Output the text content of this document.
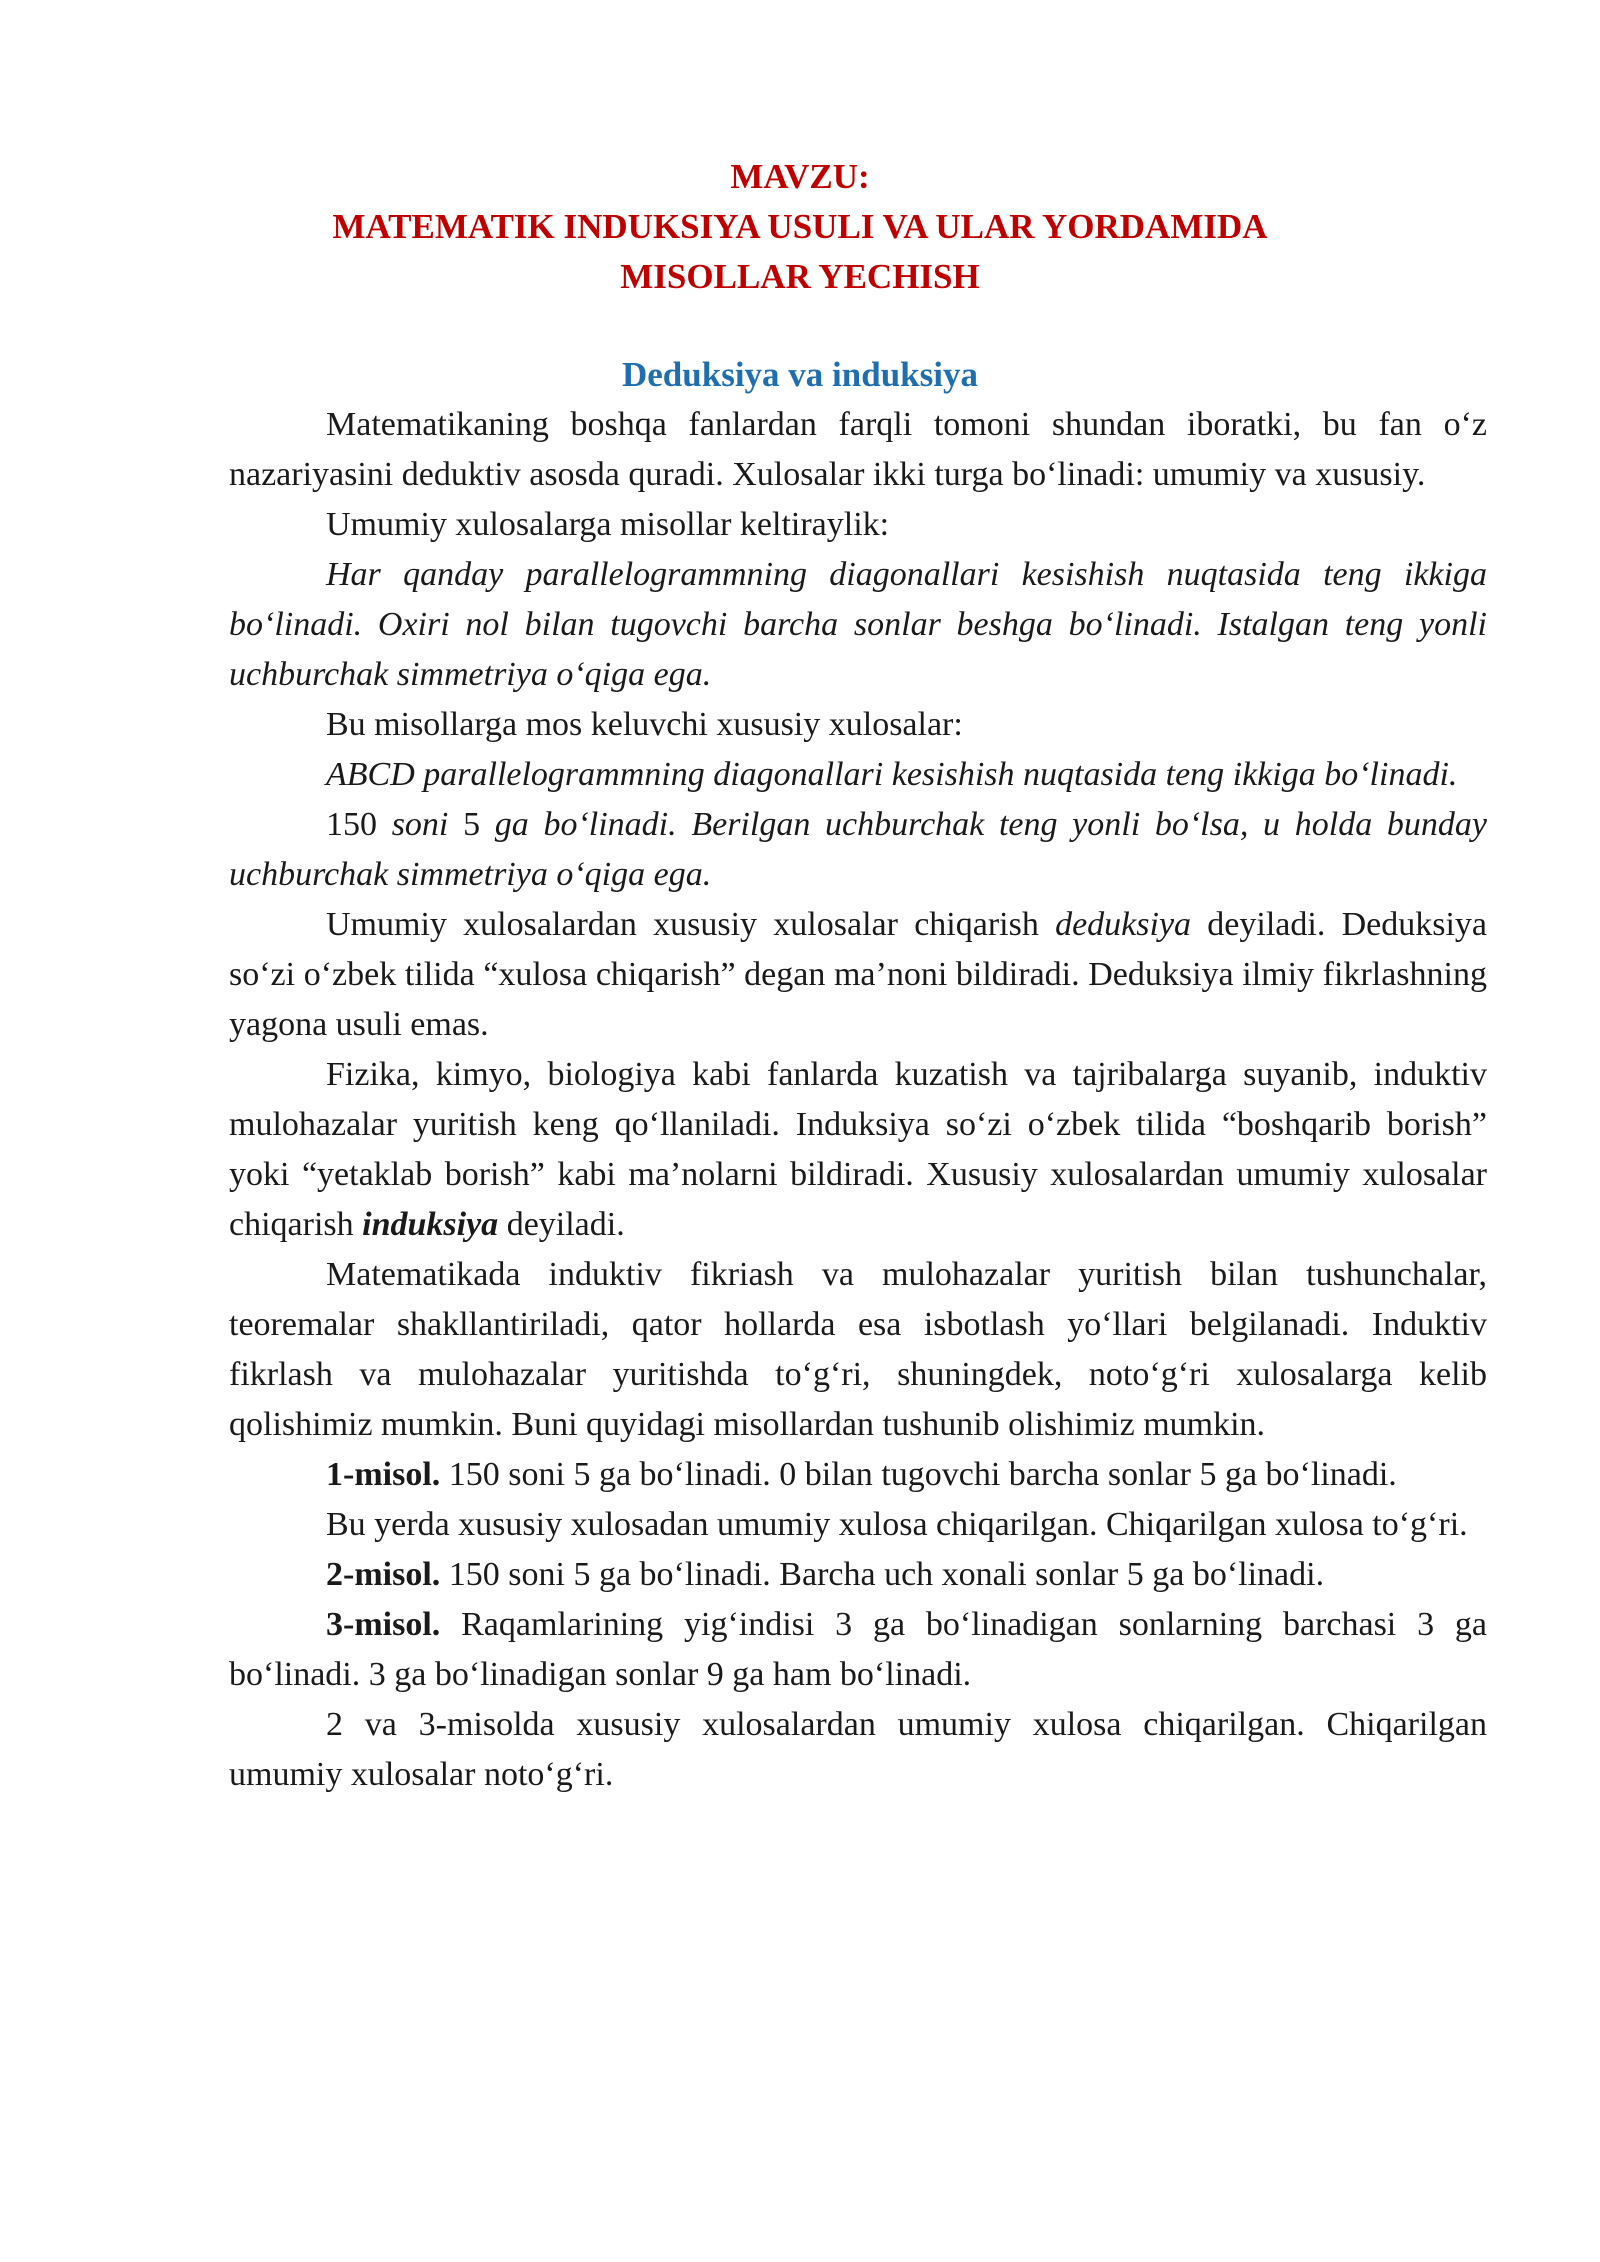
MAVZU:
MATEMATIK INDUKSIYA USULI VA ULAR YORDAMIDA
MISOLLAR YECHISH
Deduksiya va induksiya

Matematikaning boshqa fanlardan farqli tomoni shundan iboratki, bu fan o‘z nazariyasini deduktiv asosda quradi. Xulosalar ikki turga bo‘linadi: umumiy va xususiy.

Umumiy xulosalarga misollar keltiraylik:

Har qanday parallelogrammning diagonallari kesishish nuqtasida teng ikkiga bo‘linadi. Oxiri nol bilan tugovchi barcha sonlar beshga bo‘linadi. Istalgan teng yonli uchburchak simmetriya o‘qiga ega.

Bu misollarga mos keluvchi xususiy xulosalar:

ABCD parallelogrammning diagonallari kesishish nuqtasida teng ikkiga bo‘linadi.

150 soni 5 ga bo‘linadi. Berilgan uchburchak teng yonli bo‘lsa, u holda bunday uchburchak simmetriya o‘qiga ega.

Umumiy xulosalardan xususiy xulosalar chiqarish deduksiya deyiladi. Deduksiya so‘zi o‘zbek tilida “xulosa chiqarish” degan ma’noni bildiradi. Deduksiya ilmiy fikrlashning yagona usuli emas.

Fizika, kimyo, biologiya kabi fanlarda kuzatish va tajribalarga suyanib, induktiv mulohazalar yuritish keng qo‘llaniladi. Induksiya so‘zi o‘zbek tilida “boshqarib borish” yoki “yetaklab borish” kabi ma’nolarni bildiradi. Xususiy xulosalardan umumiy xulosalar chiqarish induksiya deyiladi.

Matematikada induktiv fikriash va mulohazalar yuritish bilan tushunchalar, teoremalar shakllantiriladi, qator hollarda esa isbotlash yo‘llari belgilanadi. Induktiv fikrlash va mulohazalar yuritishda to‘g‘ri, shuningdek, noto‘g‘ri xulosalarga kelib qolishimiz mumkin. Buni quyidagi misollardan tushunib olishimiz mumkin.

1-misol. 150 soni 5 ga bo‘linadi. 0 bilan tugovchi barcha sonlar 5 ga bo‘linadi.

Bu yerda xususiy xulosadan umumiy xulosa chiqarilgan. Chiqarilgan xulosa to‘g‘ri.

2-misol. 150 soni 5 ga bo‘linadi. Barcha uch xonali sonlar 5 ga bo‘linadi.

3-misol. Raqamlarining yig‘indisi 3 ga bo‘linadigan sonlarning barchasi 3 ga bo‘linadi. 3 ga bo‘linadigan sonlar 9 ga ham bo‘linadi.

2 va 3-misolda xususiy xulosalardan umumiy xulosa chiqarilgan. Chiqarilgan umumiy xulosalar noto‘g‘ri.
